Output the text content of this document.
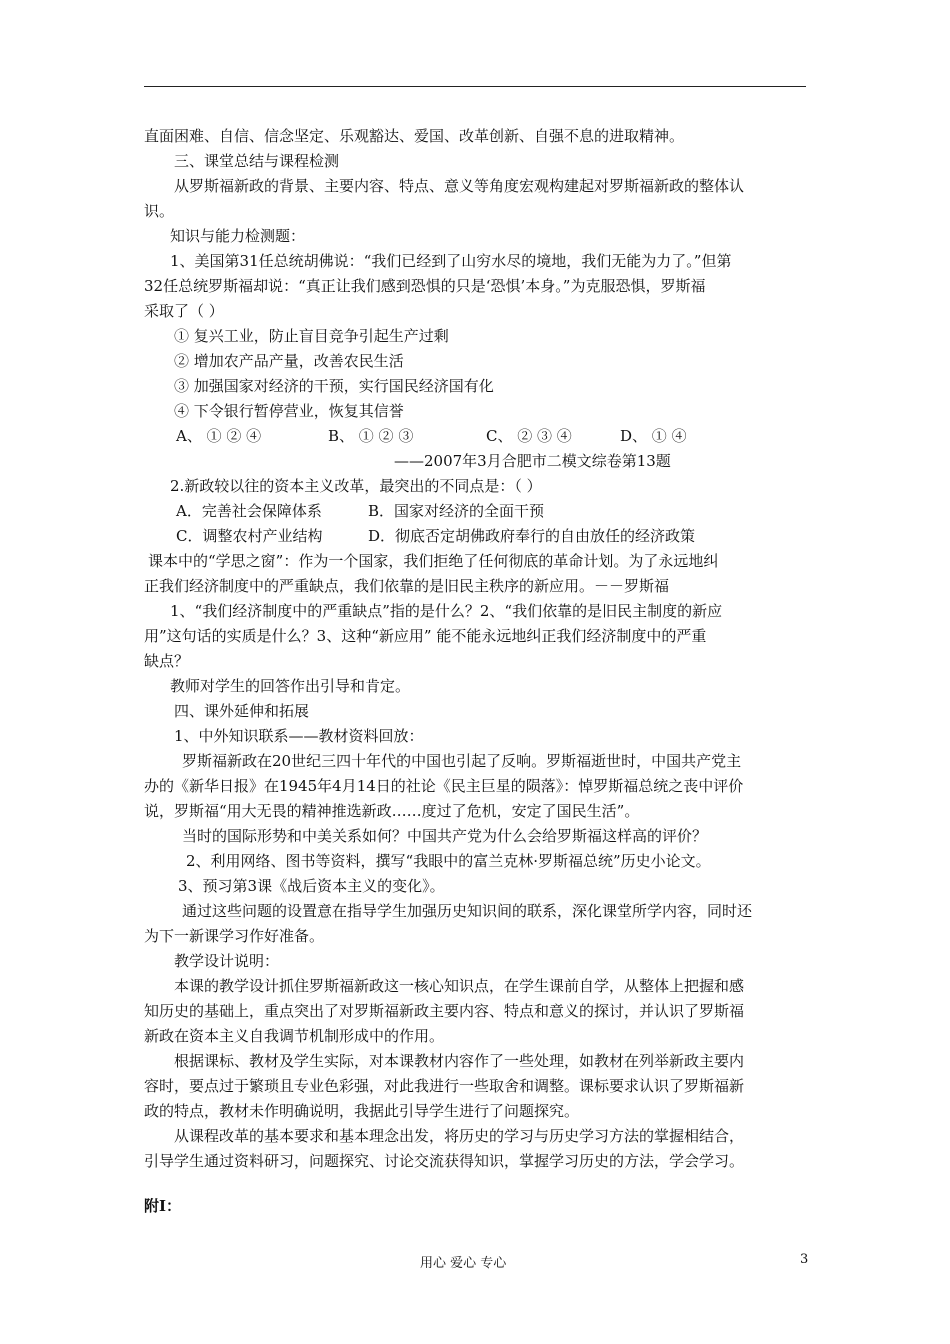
直面困难、自信、信念坚定、乐观豁达、爱国、改革创新、自强不息的进取精神。
三、课堂总结与课程检测
从罗斯福新政的背景、主要内容、特点、意义等角度宏观构建起对罗斯福新政的整体认
识。
知识与能力检测题：
1、美国第31任总统胡佛说：“我们已经到了山穷水尽的境地，我们无能为力了。”但第
32任总统罗斯福却说：“真正让我们感到恐惧的只是‘恐惧’本身。”为克服恐惧，罗斯福
采取了（ ）
① 复兴工业，防止盲目竞争引起生产过剩
② 增加农产品产量，改善农民生活
③ 加强国家对经济的干预，实行国民经济国有化
④ 下令银行暂停营业，恢复其信誉
A、 ① ② ④	B、 ① ② ③	C、 ② ③ ④	D、 ① ④
——2007年3月合肥市二模文综卷第13题
2.新政较以往的资本主义改革，最突出的不同点是：（ ）
A．完善社会保障体系	B．国家对经济的全面干预
C．调整农村产业结构	D．彻底否定胡佛政府奉行的自由放任的经济政策
课本中的“学思之窗”：作为一个国家，我们拒绝了任何彻底的革命计划。为了永远地纠
正我们经济制度中的严重缺点，我们依靠的是旧民主秩序的新应用。－－罗斯福
1、“我们经济制度中的严重缺点”指的是什么？2、“我们依靠的是旧民主制度的新应
用”这句话的实质是什么？3、这种“新应用” 能不能永远地纠正我们经济制度中的严重
缺点？
教师对学生的回答作出引导和肯定。
四、课外延伸和拓展
1、中外知识联系——教材资料回放：
罗斯福新政在20世纪三四十年代的中国也引起了反响。罗斯福逝世时，中国共产党主
办的《新华日报》在1945年4月14日的社论《民主巨星的陨落》：悼罗斯福总统之丧中评价
说，罗斯福“用大无畏的精神推选新政……度过了危机，安定了国民生活”。
当时的国际形势和中美关系如何？中国共产党为什么会给罗斯福这样高的评价？
2、利用网络、图书等资料，撰写“我眼中的富兰克林·罗斯福总统”历史小论文。
3、预习第3课《战后资本主义的变化》。
通过这些问题的设置意在指导学生加强历史知识间的联系，深化课堂所学内容，同时还
为下一新课学习作好准备。
教学设计说明：
本课的教学设计抓住罗斯福新政这一核心知识点，在学生课前自学，从整体上把握和感
知历史的基础上，重点突出了对罗斯福新政主要内容、特点和意义的探讨，并认识了罗斯福
新政在资本主义自我调节机制形成中的作用。
根据课标、教材及学生实际，对本课教材内容作了一些处理，如教材在列举新政主要内
容时，要点过于繁琐且专业色彩强，对此我进行一些取舍和调整。课标要求认识了罗斯福新
政的特点，教材未作明确说明，我据此引导学生进行了问题探究。
从课程改革的基本要求和基本理念出发，将历史的学习与历史学习方法的掌握相结合，
引导学生通过资料研习，问题探究、讨论交流获得知识，掌握学习历史的方法，学会学习。
附Ⅰ：
用心 爱心 专心	3
